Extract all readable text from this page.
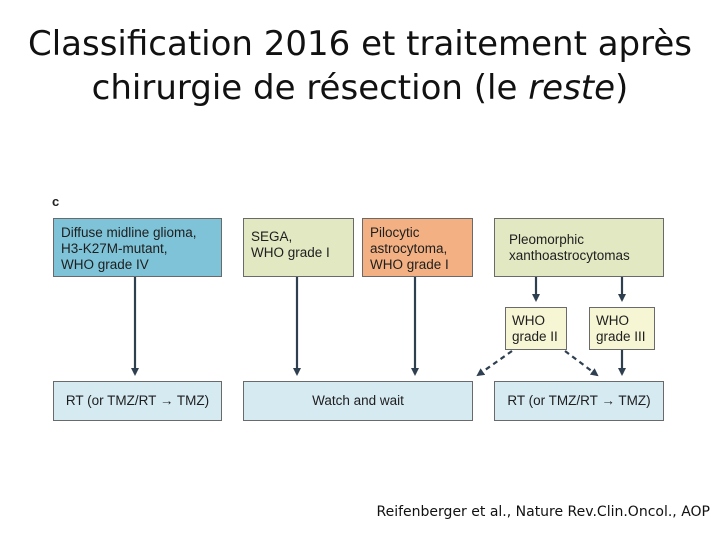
Classification 2016 et traitement après
chirurgie de résection (le reste)
c
Diffuse midline glioma,
H3-K27M-mutant,
WHO grade IV
SEGA,
WHO grade I
Pilocytic
astrocytoma,
WHO grade I
Pleomorphic
xanthoastrocytomas
WHO
grade II
WHO
grade III
RT (or TMZ/RT → TMZ)	Watch and wait	RT (or TMZ/RT → TMZ)
Reifenberger et al., Nature Rev.Clin.Oncol., AOP
